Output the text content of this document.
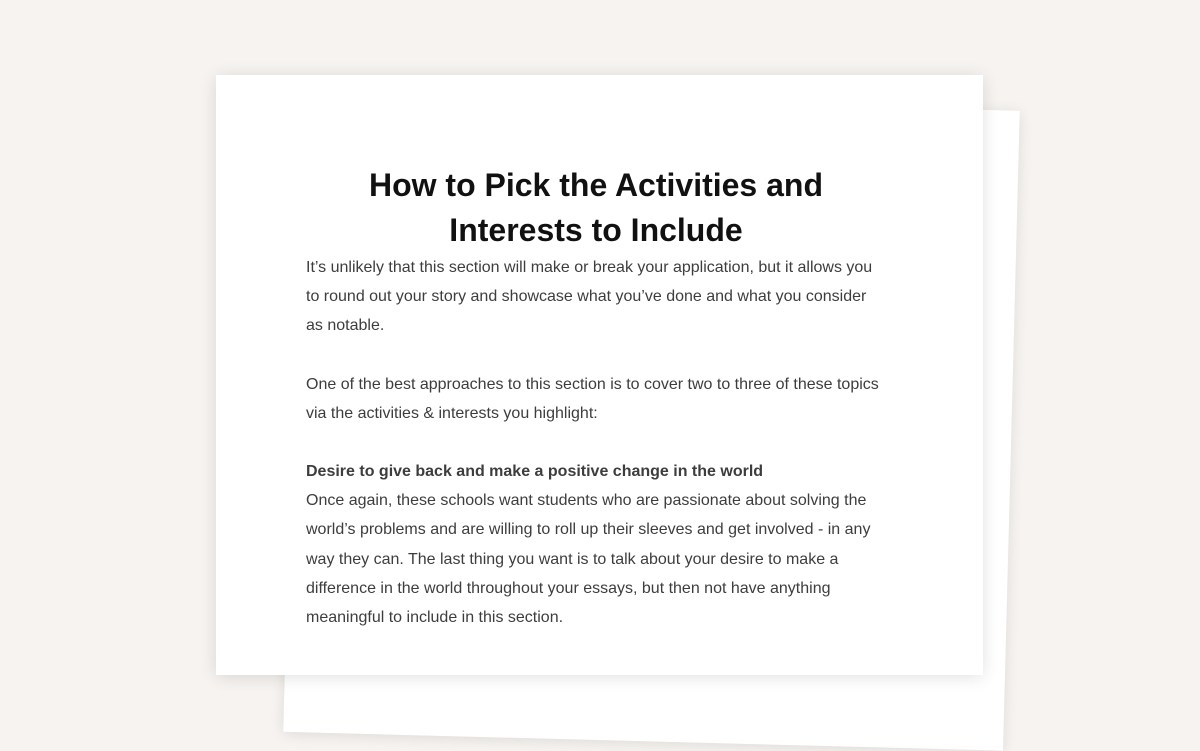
How to Pick the Activities and
Interests to Include

It’s unlikely that this section will make or break your application, but it allows you to round out your story and showcase what you’ve done and what you consider as notable.

One of the best approaches to this section is to cover two to three of these topics via the activities & interests you highlight:

Desire to give back and make a positive change in the world

Once again, these schools want students who are passionate about solving the world’s problems and are willing to roll up their sleeves and get involved - in any way they can. The last thing you want is to talk about your desire to make a difference in the world throughout your essays, but then not have anything meaningful to include in this section.
